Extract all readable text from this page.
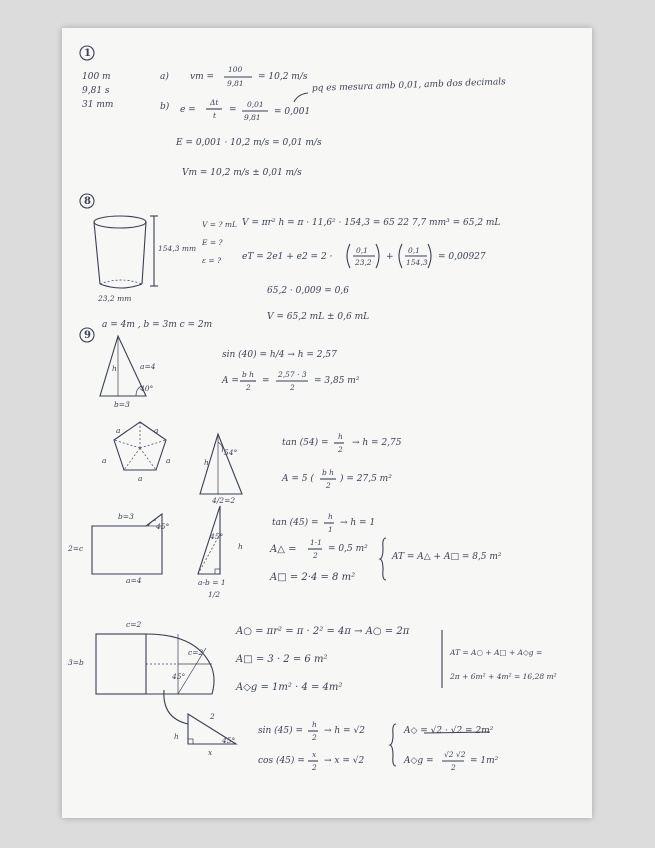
1
100 m
9,81 s
31 mm
a) vm =
100
9,81
= 10,2 m/s
b) e =
Δt
t
=
0,01
9,81
= 0,001
pq es mesura amb 0,01, amb dos decimals
E = 0,001 · 10,2 m/s = 0,01 m/s
Vm = 10,2 m/s ± 0,01 m/s
8
154,3 mm
23,2 mm
V = ? mL
E = ?
ε = ?
V = πr² h = π · 11,6² · 154,3 = 65 22 7,7 mm³ = 65,2 mL
eT = 2e1 + e2 = 2 ·
0,1
23,2
+
0,1
154,3
= 0,00927
65,2 · 0,009 = 0,6
V = 65,2 mL ± 0,6 mL
9
a = 4m , b = 3m c = 2m
h	a=4
40°
b=3
sin (40) = h/4 → h = 2,57
A =
b h
2
=
2,57 · 3
2
= 3,85 m²
a	a
a	a
a
h
54°
4/2=2
tan (54) =
h
2
→ h = 2,75
A = 5 (
b h
2
) = 27,5 m²
b=3
45°
2=c
a=4
h
45°
a-b = 1
1/2
tan (45) =
h
1
→ h = 1
A△ =
1·1
2
= 0,5 m²
A□ = 2·4 = 8 m²
AT = A△ + A□ = 8,5 m²
c=2
3=b
c=2
45°
A○ = πr² = π · 2² = 4π → A○ = 2π
A□ = 3 · 2 = 6 m²
A◇g = 1m² · 4 = 4m²
AT = A○ + A□ + A◇g =
2π + 6m² + 4m² = 16,28 m²
h
2
45°
x
sin (45) =
h
2
→ h = √2
cos (45) =
x
2
→ x = √2
A◇ = √2 · √2 = 2m²
A◇g =
√2 √2
2
= 1m²
